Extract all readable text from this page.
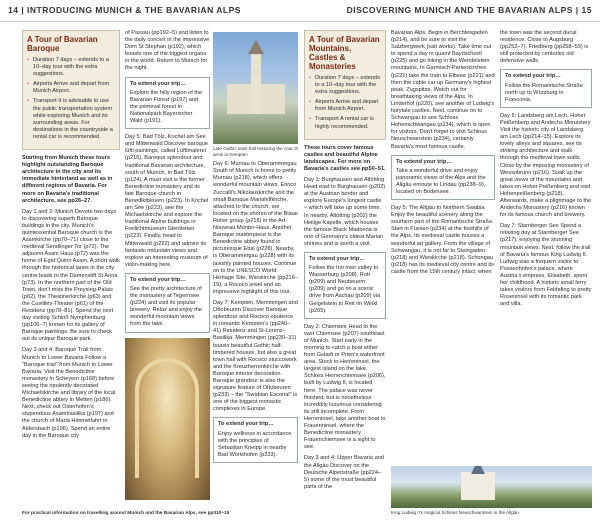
14 | INTRODUCING MUNICH & THE BAVARIAN ALPS	DISCOVERING MUNICH AND THE BAVARIAN ALPS | 15
A Tour of Bavarian Baroque
• Duration 7 days – extends to a 10–day tour with the extra suggestions.
• Airports Arrive and depart from Munich Airport.
• Transport It is advisable to use the public transportation system while exploring Munich and its surrounding areas. For destinations in the countryside a rental car is recommended.

Starting from Munich these tours highlight outstanding Baroque architecture in the city and its immediate hinterland as well as in different regions of Bavaria. For more on Bavaria's traditional architecture, see pp26–27.

Day 1 and 2: Munich Devote two days to discovering superb Baroque buildings in the city. Munich's quintessential Baroque church is the Asamkirche (pp70–71) close to the medieval Sendlinger Tor (p72). The adjacent Asam Haus (p72) was the home of Egid Quirin Asam. A short walk through the historical lanes in the city centre leads to the Damenstift St Anna (p73). In the northern part of the Old Town, don't miss the Preysing-Palais (p62), the Theatinerkirche (p63) and the Cuvilliés-Theater (p61) of the Residenz (pp78–81). Spend the next day visiting Schloß Nymphenburg (pp106–7) known for its gallery of Baroque paintings. Be sure to check out its unique Baroque park.

Day 3 and 4: Baroque Trail from Munich to Lower Bavaria Follow a "Baroque trail" from Munich to Lower Bavaria. Visit the Benedictine monastery in Scheyern (p168) before seeing the opulently decorated Michaelskirche and library of the local Benedictine abbey in Metten (p186). Next, check out Osterhofen's stupendous Asambasilika (p197) and the church of Mariä Himmelfahrt in Aldersbach (p196). Spend an entire day in the Baroque city

of Passau (pp192–5) and listen to the daily concert in the impressive Dom St Stephan (p192), which boasts one of the biggest organs in the world. Return to Munich for the night.

To extend your trip…
Explore the hilly region of the Bavarian Forest (p197) and the primeval forest in Nationalpark Bayerischer Wald (p191).

Day 5: Bad Tölz, Kochel am See and Mittenwald Discover baroque lüftl paintings, called Lüftlmalerei (p216), Baroque splendour and traditional Bavarian architecture, south of Munich, in Bad Tölz (p124). A must visit is the former Benedictine monastery and its late Baroque church in Benediktbeuern (p223). In Kochel am See (p223), see the Michaelskirche and explore the traditional Alpine buildings in Freilichtmuseum Glentleiten (p223). Finally, head to Mittenwald (p222) and admire its fantastic mountain views and explore an interesting museum of violin-making here.

To extend your trip…
See the pretty architecture of the monastery at Tegernsee (p224) and visit its popular brewery. Relax and enjoy the wonderful mountain views from the lake.
Late Gothic town hall featuring the coat of arms in Kempten

Day 6: Murnau to Oberammergau South of Munich is home to pretty Murnau (p218), which offers wonderful mountain views. Enrico Zuccalli's Nikolauskirche and the small Baroque Mariahilfkirche, attached to the church, are located on the shores of the Blaue Reiter group (p218) in the Art Nouveau Münter-Haus. Another Baroque masterpiece is the Benedictine abbey found in picturesque Ettal (p228). Nearby, is Oberammergau (p228) with its lavishly painted houses. Continue on to the UNESCO World Heritage Site, Wieskirche (pp216–19), a Rococo jewel and an impressive highlight of this tour.

Day 7: Kempten, Memmingen and Ottobeuren Discover Baroque splendour and Rococo opulence in romantic Kempten's (pp240–41) Residenz and St-Lorenz-Basilika. Memmingen (pp230–31) boasts beautiful Gothic half-timbered houses, but also a great town hall with Rococo stuccowork and the Kreuzherrenkirche with Baroque interior decoration. Baroque grandeur is also the signature feature of Ottobeuren (p233) – the "Swabian Escorial" is one of the biggest monastic complexes in Europe.

To extend your trip…
Enjoy wellness in accordance with the principles of Sebastian Kneipp in nearby Bad Wörishofen (p233).
A Tour of Bavarian Mountains, Castles & Monasteries
• Duration 7 days – extends to a 10–day tour with the extra suggestions.
• Airports Arrive and depart from Munich Airport.
• Transport A rental car is highly recommended.

These tours cover famous castles and beautiful Alpine landscapes. For more on Bavaria's castles see pp50–51.

Day 1: Burghausen and Altötting Head east to Burghausen (p202) at the Austrian border and explore Europe's longest castle – which will take up some time. In nearby, Altötting (p202) the Heilige Kapelle, which houses the famous Black Madonna is one of Germany's oldest Marian shrines and is worth a visit.

To extend your trip…
Follow the Inn river valley to Wasserburg (p208), Rott (p209) and Neubeuern (p209) and go on a scenic drive from Aschau (p209) via Geigelstein to Reit im Winkl (p205).

Day 2: Chiemsee Head to the vast Chiemsee (p207) southeast of Munich. Start early in the morning to catch a boat either from Gstadt or Prien's waterfront area. Stock to Herreninsel, the largest island on the lake. Schloss Herrenchiemsee (p206), built by Ludwig II, is located here. The palace was never finished, but is nonetheless incredibly luxurious considering its still incomplete. From Herreninsel, take another boat to Frauenninsel, where the Benedictine monastery Frauenchiemsee is a sight to see.

Day 3 and 4: Upper Bavaria and the Allgäu Discover on the Deutsche Alpenstraße (pp224–5) some of the most beautiful parts of the

Bavarian Alps. Begin in Berchtesgaden (p214), and be sure to visit the Salzbergwerk (salt works). Take time out to spend a day in quaint Bayrischzell (p225) and go hiking in the Wendelstein mountains. In Garmisch-Partenkirchen (p221) take the train to Eibsee (p221) and then the cable car up Germany's highest peak, Zugspitze. Watch out for breathtaking views of the Alps. In Linderhof (p220), see another of Ludwig's fairytale castles. Next, continue on to Schwangau to see Schloss Hohenschwangau (p234), which is open for visitors. Don't forget to visit Schloss Neuschwanstein (p234), certainly Bavaria's most famous castle.

To extend your trip…
Take a wonderful drive and enjoy panoramic views of the Alps and the Allgäu enroute to Lindau (pp238–9), located on Bodensee.

Day 5: The Allgäu to Northern Swabia Enjoy the beautiful scenery along the southern part of the Romantische Straße. Start in Füssen (p234) at the foothills of the Alps. Its medieval castle houses a wonderful art gallery. From the village of Schwangau, it is not far to Steingaden (p218) and Wieskirche (p218). Schongau (p218) has its medieval city centre and its castle from the 15th century intact; when

the town was the second ducal residence. Close to Augsburg (pp252–7), Friedberg (pp258–59) is still protected by centuries old defensive walls.

To extend your trip…
Follow the Romantische Straße north up to Würzburg in Franconia.

Day 6: Landsberg am Lech, Hoher Peißenberg and Andechs Monastery Visit the historic city of Landsberg am Lech (pp214–15). Explore its lovely alleys and squares, see its striking architecture and walk through the medieval town walls. Close by the imposing monastery of Wessobrunn (p216). Soak up the great views of the mountains and lakes on Hoher Peißenberg and visit Hohenpeißenberg (p218). Afterwards, make a pilgrimage to the Andechs Monastery (p216) known for its famous church and brewery.

Day 7: Starnberger See Spend a relaxing day at Starnberger See (p217), enjoying the stunning mountain views. Next, follow the trail of Bavaria's famous King Ludwig II. Ludwig was a frequent visitor to Possenhofen's palace, where Austria's empress, Elisabeth, spent her childhood. A historic small ferry takes visitors from Feldafing to pretty Roseninsel with its romantic park and villa.

King Ludwig II's magical Schloss Neuschwanstein in the Allgäu
For practical information on travelling around Munich and the Bavarian Alps, see pp310–15
